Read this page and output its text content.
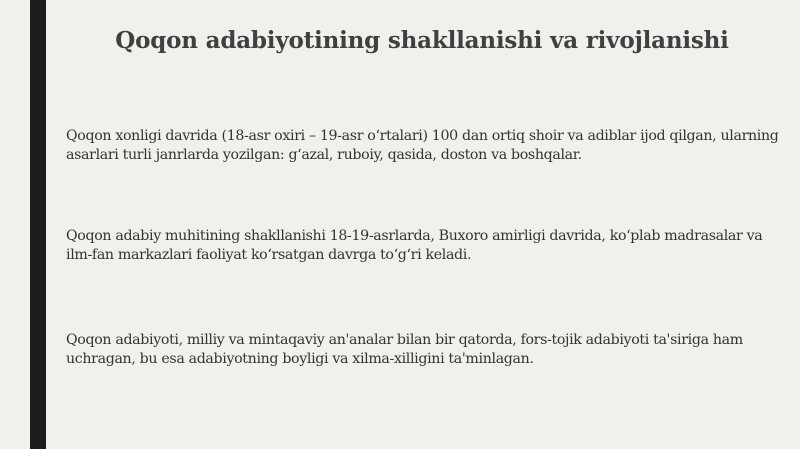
Qoqon adabiyotining shakllanishi va rivojlanishi

Qoqon xonligi davrida (18-asr oxiri – 19-asr o‘rtalari) 100 dan ortiq shoir va adiblar ijod qilgan, ularning asarlari turli janrlarda yozilgan: g‘azal, ruboiy, qasida, doston va boshqalar.

Qoqon adabiy muhitining shakllanishi 18-19-asrlarda, Buxoro amirligi davrida, ko‘plab madrasalar va ilm-fan markazlari faoliyat ko‘rsatgan davrga to‘g‘ri keladi.

Qoqon adabiyoti, milliy va mintaqaviy an'analar bilan bir qatorda, fors-tojik adabiyoti ta'siriga ham uchragan, bu esa adabiyotning boyligi va xilma-xilligini ta'minlagan.
